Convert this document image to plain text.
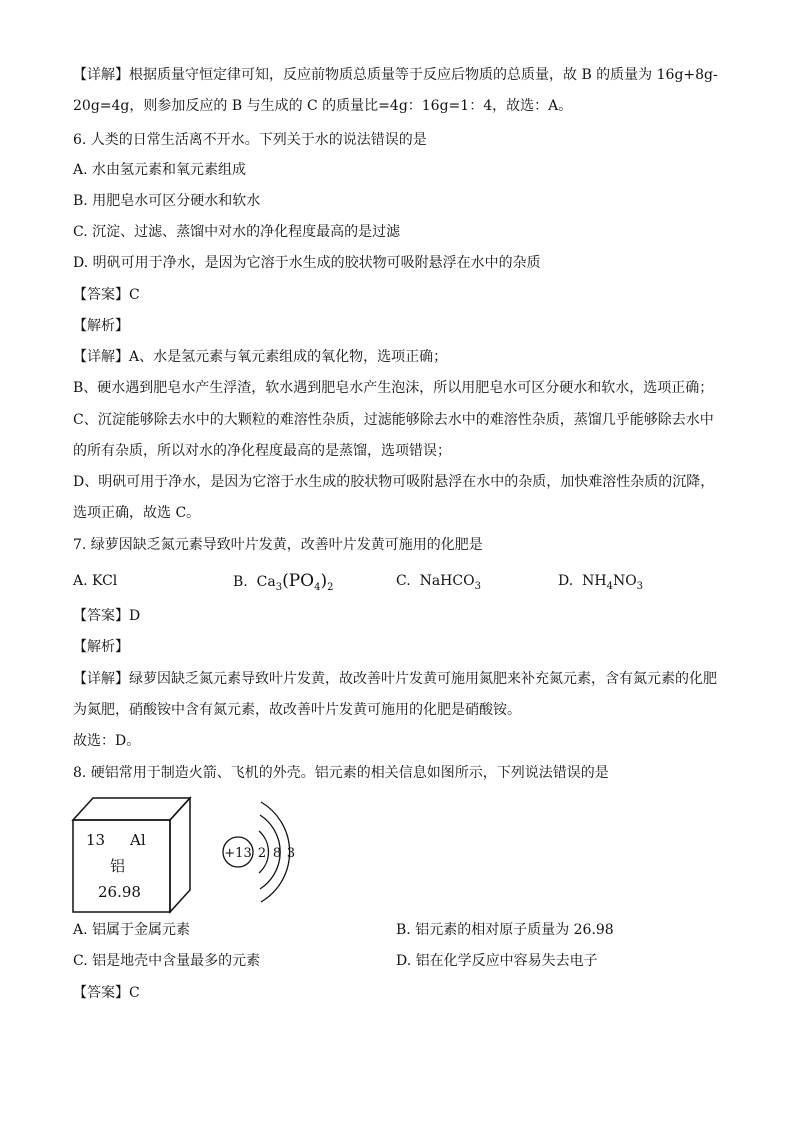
【详解】根据质量守恒定律可知，反应前物质总质量等于反应后物质的总质量，故 B 的质量为 16g+8g-
20g=4g，则参加反应的 B 与生成的 C 的质量比=4g：16g=1：4，故选：A。
6. 人类的日常生活离不开水。下列关于水的说法错误的是
A. 水由氢元素和氧元素组成
B. 用肥皂水可区分硬水和软水
C. 沉淀、过滤、蒸馏中对水的净化程度最高的是过滤
D. 明矾可用于净水，是因为它溶于水生成的胶状物可吸附悬浮在水中的杂质
【答案】C
【解析】
【详解】A、水是氢元素与氧元素组成的氧化物，选项正确；
B、硬水遇到肥皂水产生浮渣，软水遇到肥皂水产生泡沫，所以用肥皂水可区分硬水和软水，选项正确；
C、沉淀能够除去水中的大颗粒的难溶性杂质，过滤能够除去水中的难溶性杂质，蒸馏几乎能够除去水中
的所有杂质，所以对水的净化程度最高的是蒸馏，选项错误；
D、明矾可用于净水，是因为它溶于水生成的胶状物可吸附悬浮在水中的杂质，加快难溶性杂质的沉降，
选项正确，故选 C。
7. 绿萝因缺乏氮元素导致叶片发黄，改善叶片发黄可施用的化肥是
A. KCl	B. $Ca_3(PO_4)_2$	C. NaHCO$_3$	D. $NH_4NO_3$
【答案】D
【解析】
【详解】绿萝因缺乏氮元素导致叶片发黄，故改善叶片发黄可施用氮肥来补充氮元素，含有氮元素的化肥
为氮肥，硝酸铵中含有氮元素，故改善叶片发黄可施用的化肥是硝酸铵。
故选：D。
8. 硬铝常用于制造火箭、飞机的外壳。铝元素的相关信息如图所示，下列说法错误的是
13 Al
铝
26.98
+13 2 8 3
A. 铝属于金属元素	B. 铝元素的相对原子质量为 26.98
C. 铝是地壳中含量最多的元素	D. 铝在化学反应中容易失去电子
【答案】C
